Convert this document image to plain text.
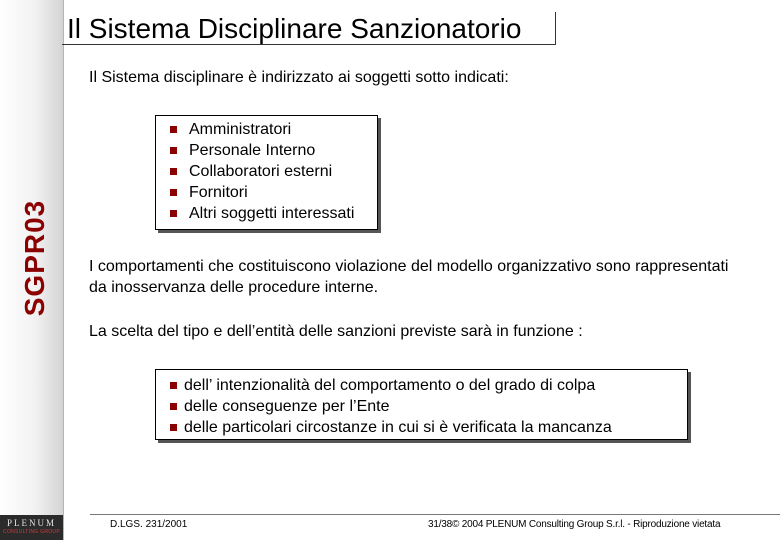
SGPR03
PLENUM
CONSULTING GROUP
Il Sistema Disciplinare Sanzionatorio
Il Sistema disciplinare è indirizzato ai soggetti sotto indicati:
Amministratori
Personale Interno
Collaboratori esterni
Fornitori
Altri soggetti interessati
I comportamenti che costituiscono violazione del modello organizzativo sono rappresentati da inosservanza delle procedure interne.
La scelta del tipo e dell’entità delle sanzioni previste sarà in funzione :
dell’ intenzionalità del comportamento o del grado di colpa
delle conseguenze per l’Ente
delle particolari circostanze in cui si è verificata la mancanza
D.LGS. 231/2001	31/38© 2004 PLENUM Consulting Group S.r.l. - Riproduzione vietata
